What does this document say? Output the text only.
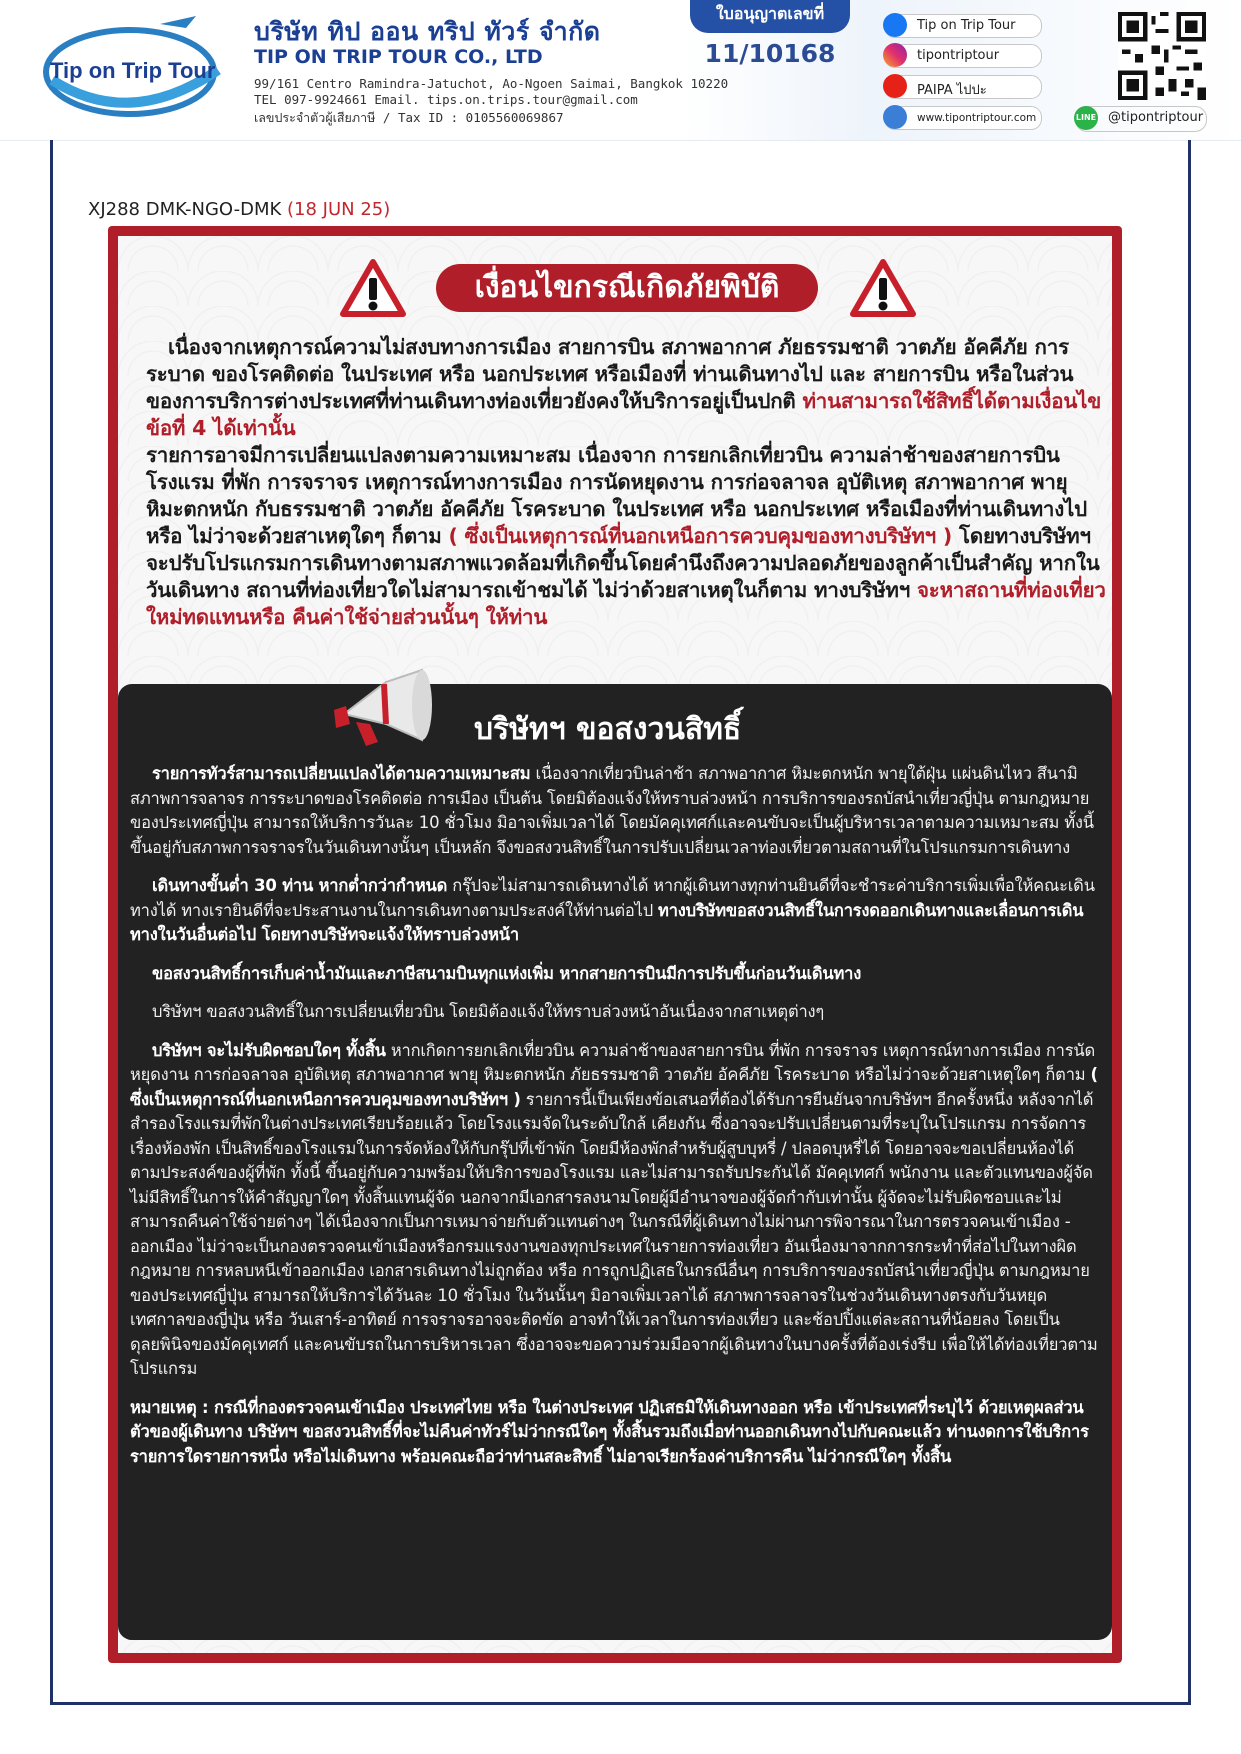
Tip on Trip Tour
บริษัท ทิป ออน ทริป ทัวร์ จำกัด
TIP ON TRIP TOUR CO., LTD
99/161 Centro Ramindra-Jatuchot, Ao-Ngoen Saimai, Bangkok 10220
TEL 097-9924661 Email. tips.on.trips.tour@gmail.com
เลขประจำตัวผู้เสียภาษี / Tax ID : 0105560069867
ใบอนุญาตเลขที่
11/10168
Tip on Trip Tour
tipontriptour
PAIPA ไปปะ
www.tipontriptour.com	LINE @tipontriptour
XJ288 DMK-NGO-DMK (18 JUN 25)
เงื่อนไขกรณีเกิดภัยพิบัติ

เนื่องจากเหตุการณ์ความไม่สงบทางการเมือง สายการบิน สภาพอากาศ ภัยธรรมชาติ วาตภัย อัคคีภัย การระบาด ของโรคติดต่อ ในประเทศ หรือ นอกประเทศ หรือเมืองที่ ท่านเดินทางไป และ สายการบิน หรือในส่วนของการบริการต่างประเทศที่ท่านเดินทางท่องเที่ยวยังคงให้บริการอยู่เป็นปกติ ท่านสามารถใช้สิทธิ์ได้ตามเงื่อนไข ข้อที่ 4 ได้เท่านั้น

รายการอาจมีการเปลี่ยนแปลงตามความเหมาะสม เนื่องจาก การยกเลิกเที่ยวบิน ความล่าช้าของสายการบิน โรงแรม ที่พัก การจราจร เหตุการณ์ทางการเมือง การนัดหยุดงาน การก่อจลาจล อุบัติเหตุ สภาพอากาศ พายุ หิมะตกหนัก กับธรรมชาติ วาตภัย อัคคีภัย โรคระบาด ในประเทศ หรือ นอกประเทศ หรือเมืองที่ท่านเดินทางไป หรือ ไม่ว่าจะด้วยสาเหตุใดๆ ก็ตาม ( ซึ่งเป็นเหตุการณ์ที่นอกเหนือการควบคุมของทางบริษัทฯ ) โดยทางบริษัทฯ จะปรับโปรแกรมการเดินทางตามสภาพแวดล้อมที่เกิดขึ้นโดยคำนึงถึงความปลอดภัยของลูกค้าเป็นสำคัญ หากในวันเดินทาง สถานที่ท่องเที่ยวใดไม่สามารถเข้าชมได้ ไม่ว่าด้วยสาเหตุในก็ตาม ทางบริษัทฯ จะหาสถานที่ท่องเที่ยวใหม่ทดแทนหรือ คืนค่าใช้จ่ายส่วนนั้นๆ ให้ท่าน

บริษัทฯ ขอสงวนสิทธิ์

รายการทัวร์สามารถเปลี่ยนแปลงได้ตามความเหมาะสม เนื่องจากเที่ยวบินล่าช้า สภาพอากาศ หิมะตกหนัก พายุใต้ฝุ่น แผ่นดินไหว สึนามิ สภาพการจลาจร การระบาดของโรคติดต่อ การเมือง เป็นต้น โดยมิต้องแจ้งให้ทราบล่วงหน้า การบริการของรถบัสนำเที่ยวญี่ปุ่น ตามกฎหมายของประเทศญี่ปุ่น สามารถให้บริการวันละ 10 ชั่วโมง มิอาจเพิ่มเวลาได้ โดยมัคคุเทศก์และคนขับจะเป็นผู้บริหารเวลาตามความเหมาะสม ทั้งนี้ขึ้นอยู่กับสภาพการจราจรในวันเดินทางนั้นๆ เป็นหลัก จึงขอสงวนสิทธิ์ในการปรับเปลี่ยนเวลาท่องเที่ยวตามสถานที่ในโปรแกรมการเดินทาง

เดินทางขั้นต่ำ 30 ท่าน หากต่ำกว่ากำหนด กรุ๊ปจะไม่สามารถเดินทางได้ หากผู้เดินทางทุกท่านยินดีที่จะชำระค่าบริการเพิ่มเพื่อให้คณะเดินทางได้ ทางเรายินดีที่จะประสานงานในการเดินทางตามประสงค์ให้ท่านต่อไป ทางบริษัทขอสงวนสิทธิ์ในการงดออกเดินทางและเลื่อนการเดินทางในวันอื่นต่อไป โดยทางบริษัทจะแจ้งให้ทราบล่วงหน้า

ขอสงวนสิทธิ์การเก็บค่าน้ำมันและภาษีสนามบินทุกแห่งเพิ่ม หากสายการบินมีการปรับขึ้นก่อนวันเดินทาง

บริษัทฯ ขอสงวนสิทธิ์ในการเปลี่ยนเที่ยวบิน โดยมิต้องแจ้งให้ทราบล่วงหน้าอันเนื่องจากสาเหตุต่างๆ

บริษัทฯ จะไม่รับผิดชอบใดๆ ทั้งสิ้น หากเกิดการยกเลิกเที่ยวบิน ความล่าช้าของสายการบิน ที่พัก การจราจร เหตุการณ์ทางการเมือง การนัดหยุดงาน การก่อจลาจล อุบัติเหตุ สภาพอากาศ พายุ หิมะตกหนัก ภัยธรรมชาติ วาตภัย อัคคีภัย โรคระบาด หรือไม่ว่าจะด้วยสาเหตุใดๆ ก็ตาม ( ซึ่งเป็นเหตุการณ์ที่นอกเหนือการควบคุมของทางบริษัทฯ ) รายการนี้เป็นเพียงข้อเสนอที่ต้องได้รับการยืนยันจากบริษัทฯ อีกครั้งหนึ่ง หลังจากได้สำรองโรงแรมที่พักในต่างประเทศเรียบร้อยแล้ว โดยโรงแรมจัดในระดับใกล้ เคียงกัน ซึ่งอาจจะปรับเปลี่ยนตามที่ระบุในโปรแกรม การจัดการเรื่องห้องพัก เป็นสิทธิ์ของโรงแรมในการจัดห้องให้กับกรุ๊ปที่เข้าพัก โดยมีห้องพักสำหรับผู้สูบบุหรี่ / ปลอดบุหรี่ได้ โดยอาจจะขอเปลี่ยนห้องได้ตามประสงค์ของผู้ที่พัก ทั้งนี้ ขึ้นอยู่กับความพร้อมให้บริการของโรงแรม และไม่สามารถรับประกันได้ มัคคุเทศก์ พนักงาน และตัวแทนของผู้จัด ไม่มีสิทธิ์ในการให้คำสัญญาใดๆ ทั้งสิ้นแทนผู้จัด นอกจากมีเอกสารลงนามโดยผู้มีอำนาจของผู้จัดกำกับเท่านั้น ผู้จัดจะไม่รับผิดชอบและไม่สามารถคืนค่าใช้จ่ายต่างๆ ได้เนื่องจากเป็นการเหมาจ่ายกับตัวแทนต่างๆ ในกรณีที่ผู้เดินทางไม่ผ่านการพิจารณาในการตรวจคนเข้าเมือง - ออกเมือง ไม่ว่าจะเป็นกองตรวจคนเข้าเมืองหรือกรมแรงงานของทุกประเทศในรายการท่องเที่ยว อันเนื่องมาจากการกระทำที่ส่อไปในทางผิดกฎหมาย การหลบหนีเข้าออกเมือง เอกสารเดินทางไม่ถูกต้อง หรือ การถูกปฏิเสธในกรณีอื่นๆ การบริการของรถบัสนำเที่ยวญี่ปุ่น ตามกฎหมายของประเทศญี่ปุ่น สามารถให้บริการได้วันละ 10 ชั่วโมง ในวันนั้นๆ มิอาจเพิ่มเวลาได้ สภาพการจลาจรในช่วงวันเดินทางตรงกับวันหยุดเทศกาลของญี่ปุ่น หรือ วันเสาร์-อาทิตย์ การจราจรอาจจะติดขัด อาจทำให้เวลาในการท่องเที่ยว และช้อปปิ้งแต่ละสถานที่น้อยลง โดยเป็นดุลยพินิจของมัคคุเทศก์ และคนขับรถในการบริหารเวลา ซึ่งอาจจะขอความร่วมมือจากผู้เดินทางในบางครั้งที่ต้องเร่งรีบ เพื่อให้ได้ท่องเที่ยวตามโปรแกรม

หมายเหตุ : กรณีที่กองตรวจคนเข้าเมือง ประเทศไทย หรือ ในต่างประเทศ ปฏิเสธมิให้เดินทางออก หรือ เข้าประเทศที่ระบุไว้ ด้วยเหตุผลส่วนตัวของผู้เดินทาง บริษัทฯ ขอสงวนสิทธิ์ที่จะไม่คืนค่าทัวร์ไม่ว่ากรณีใดๆ ทั้งสิ้นรวมถึงเมื่อท่านออกเดินทางไปกับคณะแล้ว ท่านงดการใช้บริการรายการใดรายการหนึ่ง หรือไม่เดินทาง พร้อมคณะถือว่าท่านสละสิทธิ์ ไม่อาจเรียกร้องค่าบริการคืน ไม่ว่ากรณีใดๆ ทั้งสิ้น
